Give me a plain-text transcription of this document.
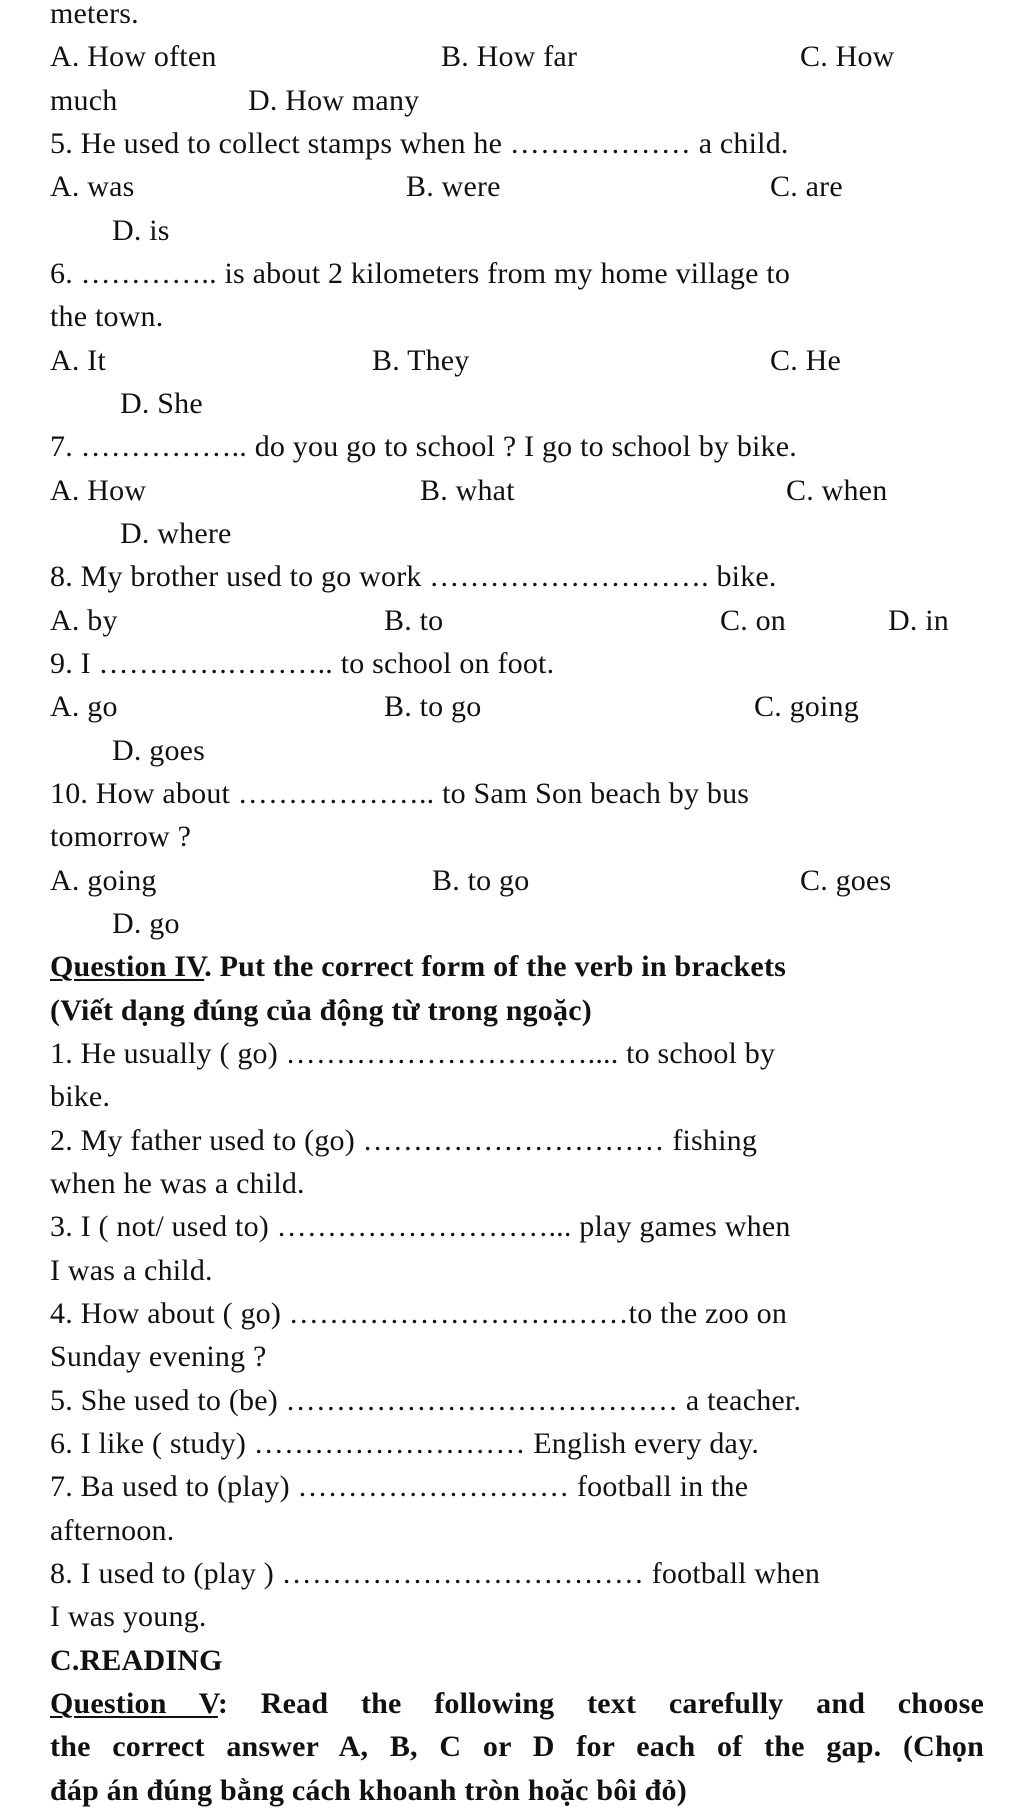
meters.
A. How often	B. How far	C. How
much	D. How many
5. He used to collect stamps when he ……………… a child.
A. was	B. were	C. are
D. is
6. ………….. is about 2 kilometers from my home village to
the town.
A. It	B. They	C. He
D. She
7. …………….. do you go to school ? I go to school by bike.
A. How	B. what	C. when
D. where
8. My brother used to go work ………………………. bike.
A. by	B. to	C. on	D. in
9. I ………….……….. to school on foot.
A. go	B. to go	C. going
D. goes
10. How about ……………….. to Sam Son beach by bus
tomorrow ?
A. going	B. to go	C. goes
D. go
Question IV. Put the correct form of the verb in brackets
(Viết dạng đúng của động từ trong ngoặc)
1. He usually ( go) ………………………….... to school by
bike.
2. My father used to (go) ………………………… fishing
when he was a child.
3. I ( not/ used to) ………………………... play games when
I was a child.
4. How about ( go) ……………………….……to the zoo on
Sunday evening ?
5. She used to (be) ………………………………… a teacher.
6. I like ( study) ……………………… English every day.
7. Ba used to (play) ……………………… football in the
afternoon.
8. I used to (play ) ……………………………… football when
I was young.
C.READING
Question V: Read the following text carefully and choose
the correct answer A, B, C or D for each of the gap. (Chọn
đáp án đúng bằng cách khoanh tròn hoặc bôi đỏ)
